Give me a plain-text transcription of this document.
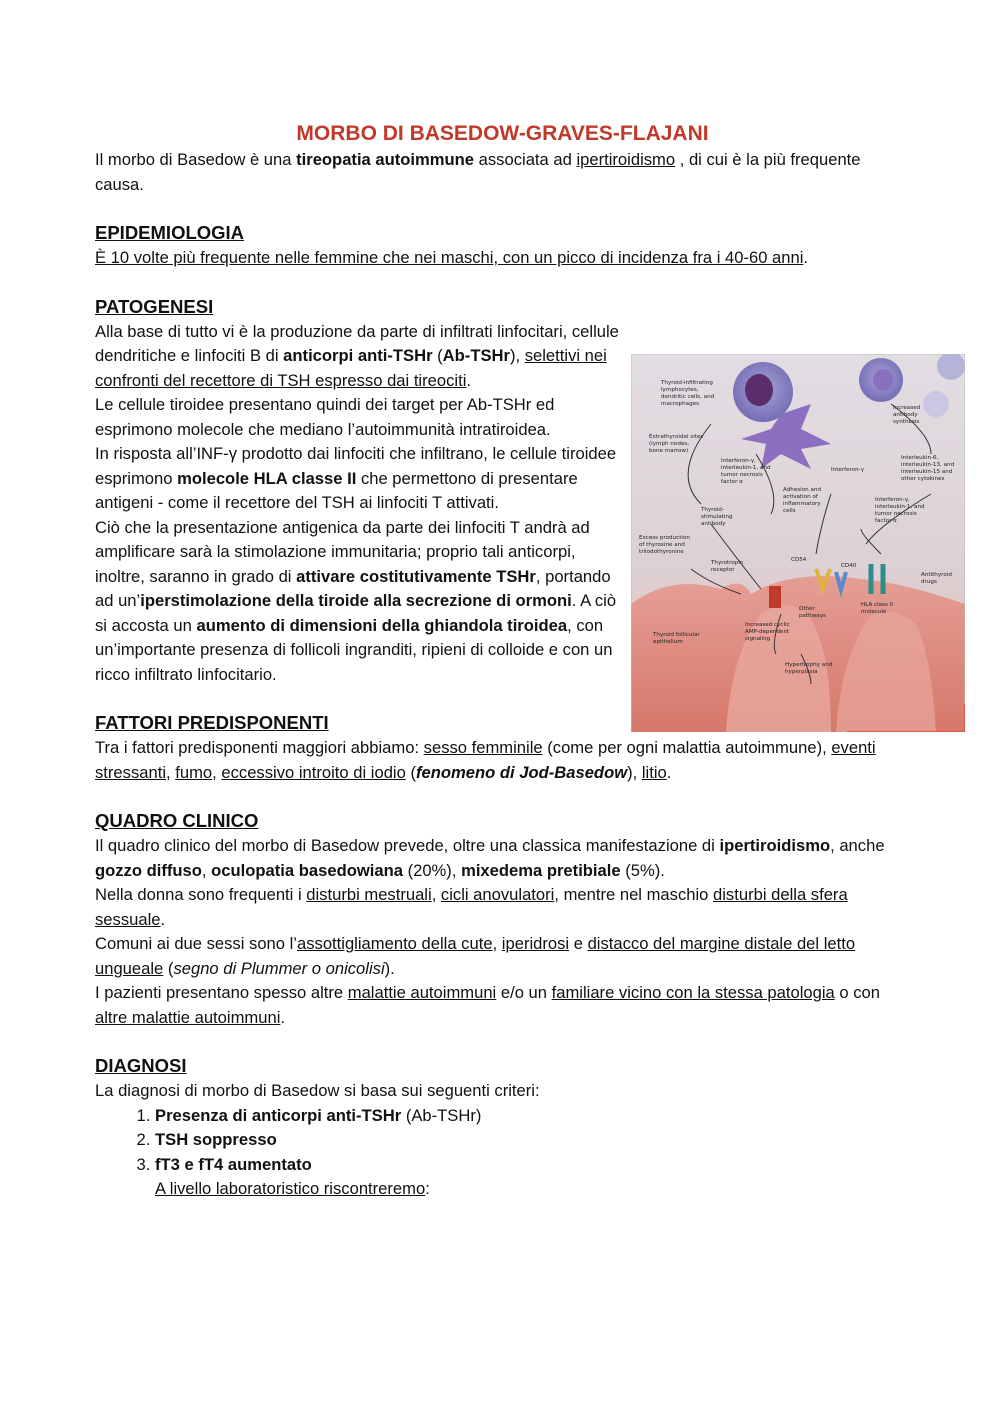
MORBO DI BASEDOW-GRAVES-FLAJANI

Il morbo di Basedow è una tireopatia autoimmune associata ad ipertiroidismo , di cui è la più frequente causa.

EPIDEMIOLOGIA

È 10 volte più frequente nelle femmine che nei maschi, con un picco di incidenza fra i 40-60 anni.

PATOGENESI

Alla base di tutto vi è la produzione da parte di infiltrati linfocitari, cellule dendritiche e linfociti B di anticorpi anti-TSHr (Ab-TSHr), selettivi nei confronti del recettore di TSH espresso dai tireociti.

Le cellule tiroidee presentano quindi dei target per Ab-TSHr ed esprimono molecole che mediano l’autoimmunità intratiroidea.

In risposta all’INF-γ prodotto dai linfociti che infiltrano, le cellule tiroidee esprimono molecole HLA classe II che permettono di presentare antigeni - come il recettore del TSH ai linfociti T attivati.

Ciò che la presentazione antigenica da parte dei linfociti T andrà ad amplificare sarà la stimolazione immunitaria; proprio tali anticorpi, inoltre, saranno in grado di attivare costitutivamente TSHr, portando ad un’iperstimolazione della tiroide alla secrezione di ormoni. A ciò si accosta un aumento di dimensioni della ghiandola tiroidea, con un’importante presenza di follicoli ingranditi, ripieni di colloide e con un ricco infiltrato linfocitario.

FATTORI PREDISPONENTI

Tra i fattori predisponenti maggiori abbiamo: sesso femminile (come per ogni malattia autoimmune), eventi stressanti, fumo, eccessivo introito di iodio (fenomeno di Jod-Basedow), litio.

QUADRO CLINICO

Il quadro clinico del morbo di Basedow prevede, oltre una classica manifestazione di ipertiroidismo, anche gozzo diffuso, oculopatia basedowiana (20%), mixedema pretibiale (5%).

Nella donna sono frequenti i disturbi mestruali, cicli anovulatori, mentre nel maschio disturbi della sfera sessuale.

Comuni ai due sessi sono l’assottigliamento della cute, iperidrosi e distacco del margine distale del letto ungueale (segno di Plummer o onicolisi).

I pazienti presentano spesso altre malattie autoimmuni e/o un familiare vicino con la stessa patologia o con altre malattie autoimmuni.

DIAGNOSI

La diagnosi di morbo di Basedow si basa sui seguenti criteri:

1. Presenza di anticorpi anti-TSHr (Ab-TSHr)
2. TSH soppresso
3. fT3 e fT4 aumentato

A livello laboratoristico riscontreremo:

Thyroid-infiltrating lymphocytes, dendritic cells, and macrophages
Increased antibody synthesis
Extrathyroidal sites (lymph nodes, bone marrow)
Interleukin-6, interleukin-13, and interleukin-15 and other cytokines
Interferon-γ, interleukin-1, and tumor necrosis factor α
Interferon-γ
Adhesion and activation of inflammatory cells
Interferon-γ, interleukin-1, and tumor necrosis factor α
Thyroid- stimulating antibody
Excess production of thyroxine and triiodothyronine
CD54
CD40
Thyrotropin receptor
Antithyroid drugs
Other pathways
Increased cyclic AMP-dependent signaling
HLA class II molecule
Thyroid follicular epithelium
Hypertrophy and hyperplasia
